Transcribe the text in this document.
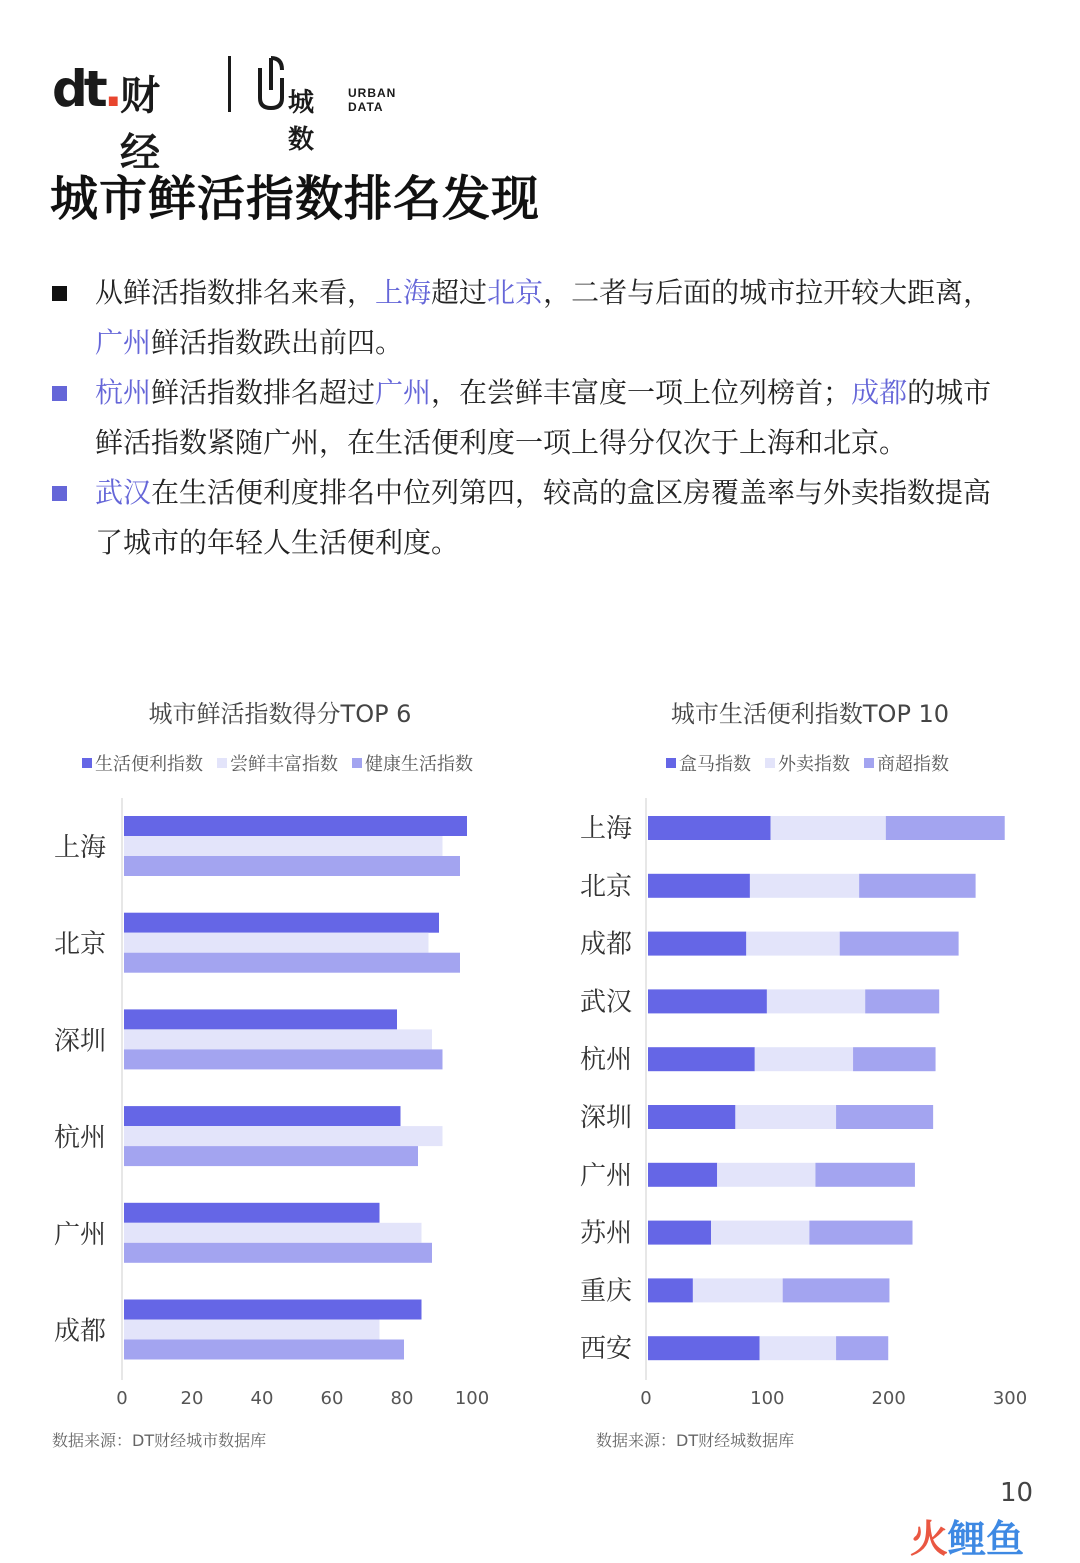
dt. 财经
城数
URBAN
DATA
城市鲜活指数排名发现
从鲜活指数排名来看，上海超过北京，二者与后面的城市拉开较大距离，
广州鲜活指数跌出前四。
杭州鲜活指数排名超过广州，在尝鲜丰富度一项上位列榜首；成都的城市
鲜活指数紧随广州，在生活便利度一项上得分仅次于上海和北京。
武汉在生活便利度排名中位列第四，较高的盒区房覆盖率与外卖指数提高
了城市的年轻人生活便利度。
城市鲜活指数得分TOP 6
生活便利指数 尝鲜丰富指数 健康生活指数
上海
北京
深圳
杭州
广州
成都
0	20	40	60	80 100
数据来源：DT财经城市数据库
城市生活便利指数TOP 10
盒马指数 外卖指数 商超指数
上海
北京
成都
武汉
杭州
深圳
广州
苏州
重庆
西安
0	100	200	300
数据来源：DT财经城数据库
10
火鲤鱼
